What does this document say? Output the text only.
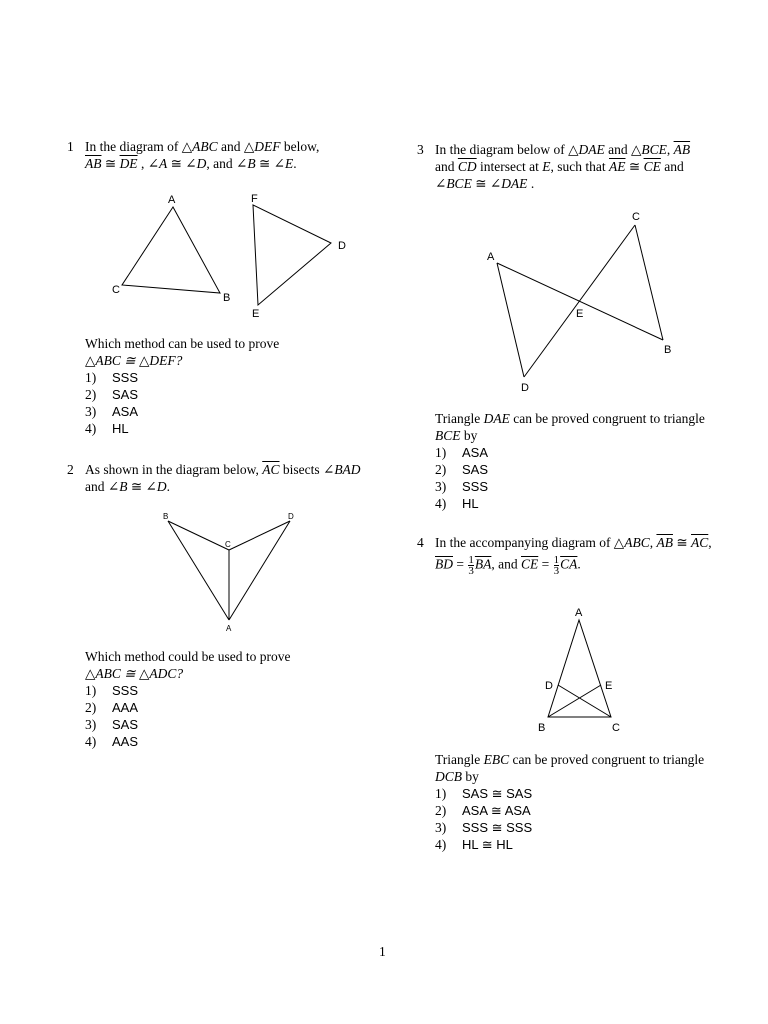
1 In the diagram of △ABC and △DEF below,
$\overline{AB}$ ≅ $\overline{DE}$ , ∠A ≅ ∠D, and ∠B ≅ ∠E.
A
C
B
F
D
E
Which method can be used to prove
△ABC ≅ △DEF?
1) SSS
2) SAS
3) ASA
4) HL
2 As shown in the diagram below, $\overline{AC}$ bisects ∠BAD
and ∠B ≅ ∠D.
B	D
C
A
Which method could be used to prove
△ABC ≅ △ADC?
1) SSS
2) AAA
3) SAS
4) AAS
3 In the diagram below of △DAE and △BCE, $\overline{AB}$
and $\overline{CD}$ intersect at E, such that $\overline{AE}$ ≅ $\overline{CE}$ and
∠BCE ≅ ∠DAE .
A
C
E
B
D
Triangle DAE can be proved congruent to triangle
BCE by
1) ASA
2) SAS
3) SSS
4) HL
4 In the accompanying diagram of △ABC, $\overline{AB}$ ≅ $\overline{AC}$,
$\overline{BD} = \frac{1}{3} \overline{BA}$, and $\overline{CE} = \frac{1}{3} \overline{CA}$.
A
D	E
B	C
Triangle EBC can be proved congruent to triangle
DCB by
1) SAS ≅ SAS
2) ASA ≅ ASA
3) SSS ≅ SSS
4) HL ≅ HL
1
